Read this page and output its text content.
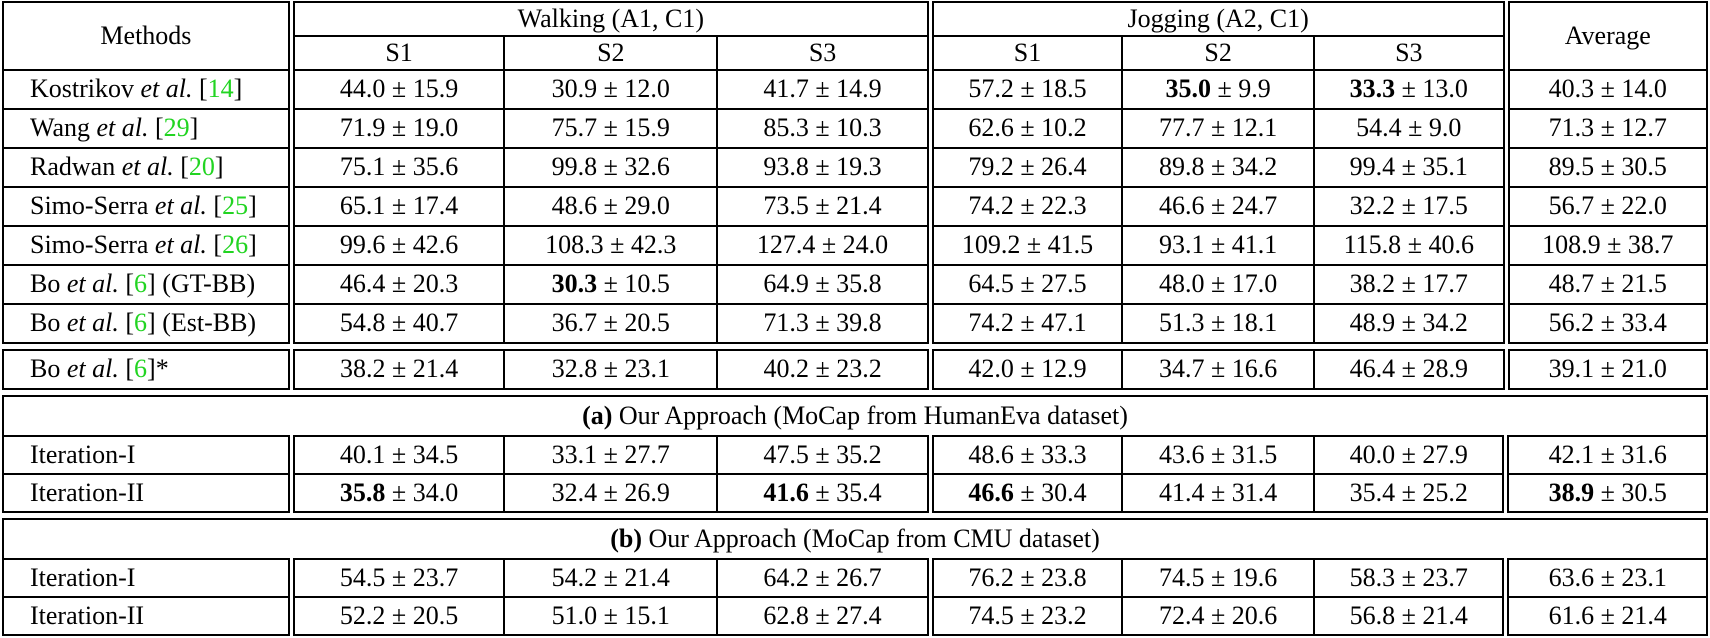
Methods	Walking (A1, C1)			Jogging (A2, C1)			Average
	S1	S2	S3	S1	S2	S3	
Kostrikov et al. [14]	44.0 ± 15.9	30.9 ± 12.0	41.7 ± 14.9	57.2 ± 18.5	35.0 ± 9.9	33.3 ± 13.0	40.3 ± 14.0
Wang et al. [29]	71.9 ± 19.0	75.7 ± 15.9	85.3 ± 10.3	62.6 ± 10.2	77.7 ± 12.1	54.4 ± 9.0	71.3 ± 12.7
Radwan et al. [20]	75.1 ± 35.6	99.8 ± 32.6	93.8 ± 19.3	79.2 ± 26.4	89.8 ± 34.2	99.4 ± 35.1	89.5 ± 30.5
Simo-Serra et al. [25]	65.1 ± 17.4	48.6 ± 29.0	73.5 ± 21.4	74.2 ± 22.3	46.6 ± 24.7	32.2 ± 17.5	56.7 ± 22.0
Simo-Serra et al. [26]	99.6 ± 42.6	108.3 ± 42.3	127.4 ± 24.0	109.2 ± 41.5	93.1 ± 41.1	115.8 ± 40.6	108.9 ± 38.7
Bo et al. [6] (GT-BB)	46.4 ± 20.3	30.3 ± 10.5	64.9 ± 35.8	64.5 ± 27.5	48.0 ± 17.0	38.2 ± 17.7	48.7 ± 21.5
Bo et al. [6] (Est-BB)	54.8 ± 40.7	36.7 ± 20.5	71.3 ± 39.8	74.2 ± 47.1	51.3 ± 18.1	48.9 ± 34.2	56.2 ± 33.4
Bo et al. [6]*	38.2 ± 21.4	32.8 ± 23.1	40.2 ± 23.2	42.0 ± 12.9	34.7 ± 16.6	46.4 ± 28.9	39.1 ± 21.0
(a) Our Approach (MoCap from HumanEva dataset)							
Iteration-I	40.1 ± 34.5	33.1 ± 27.7	47.5 ± 35.2	48.6 ± 33.3	43.6 ± 31.5	40.0 ± 27.9	42.1 ± 31.6
Iteration-II	35.8 ± 34.0	32.4 ± 26.9	41.6 ± 35.4	46.6 ± 30.4	41.4 ± 31.4	35.4 ± 25.2	38.9 ± 30.5
(b) Our Approach (MoCap from CMU dataset)							
Iteration-I	54.5 ± 23.7	54.2 ± 21.4	64.2 ± 26.7	76.2 ± 23.8	74.5 ± 19.6	58.3 ± 23.7	63.6 ± 23.1
Iteration-II	52.2 ± 20.5	51.0 ± 15.1	62.8 ± 27.4	74.5 ± 23.2	72.4 ± 20.6	56.8 ± 21.4	61.6 ± 21.4
